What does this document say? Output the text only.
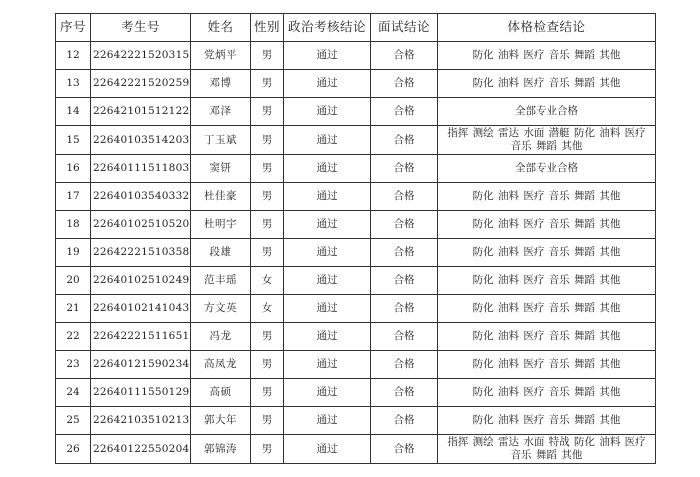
序号	考生号	姓名	性别	政治考核结论	面试结论	体格检查结论
12	22642221520315	党炳平	男	通过	合格	防化 油料 医疗 音乐 舞蹈 其他

13	22642221520259	邓博	男	通过	合格	防化 油料 医疗 音乐 舞蹈 其他

14	22642101512122	邓泽	男	通过	合格	全部专业合格

15	22640103514203	丁玉斌	男	通过	合格	指挥 测绘 雷达 水面 潜艇 防化 油料 医疗
音乐 舞蹈 其他

16	22640111511803	窦钘	男	通过	合格	全部专业合格

17	22640103540332	杜佳豪	男	通过	合格	防化 油料 医疗 音乐 舞蹈 其他

18	22640102510520	杜明宇	男	通过	合格	防化 油料 医疗 音乐 舞蹈 其他

19	22642221510358	段雄	男	通过	合格	防化 油料 医疗 音乐 舞蹈 其他

20	22640102510249	范丰瑶	女	通过	合格	防化 油料 医疗 音乐 舞蹈 其他

21	22640102141043	方文英	女	通过	合格	防化 油料 医疗 音乐 舞蹈 其他

22	22642221511651	冯龙	男	通过	合格	防化 油料 医疗 音乐 舞蹈 其他

23	22640121590234	高凤龙	男	通过	合格	防化 油料 医疗 音乐 舞蹈 其他

24	22640111550129	高硕	男	通过	合格	防化 油料 医疗 音乐 舞蹈 其他

25	22642103510213	郭大年	男	通过	合格	防化 油料 医疗 音乐 舞蹈 其他

26	22640122550204	郭锦涛	男	通过	合格	指挥 测绘 雷达 水面 特战 防化 油料 医疗
音乐 舞蹈 其他
